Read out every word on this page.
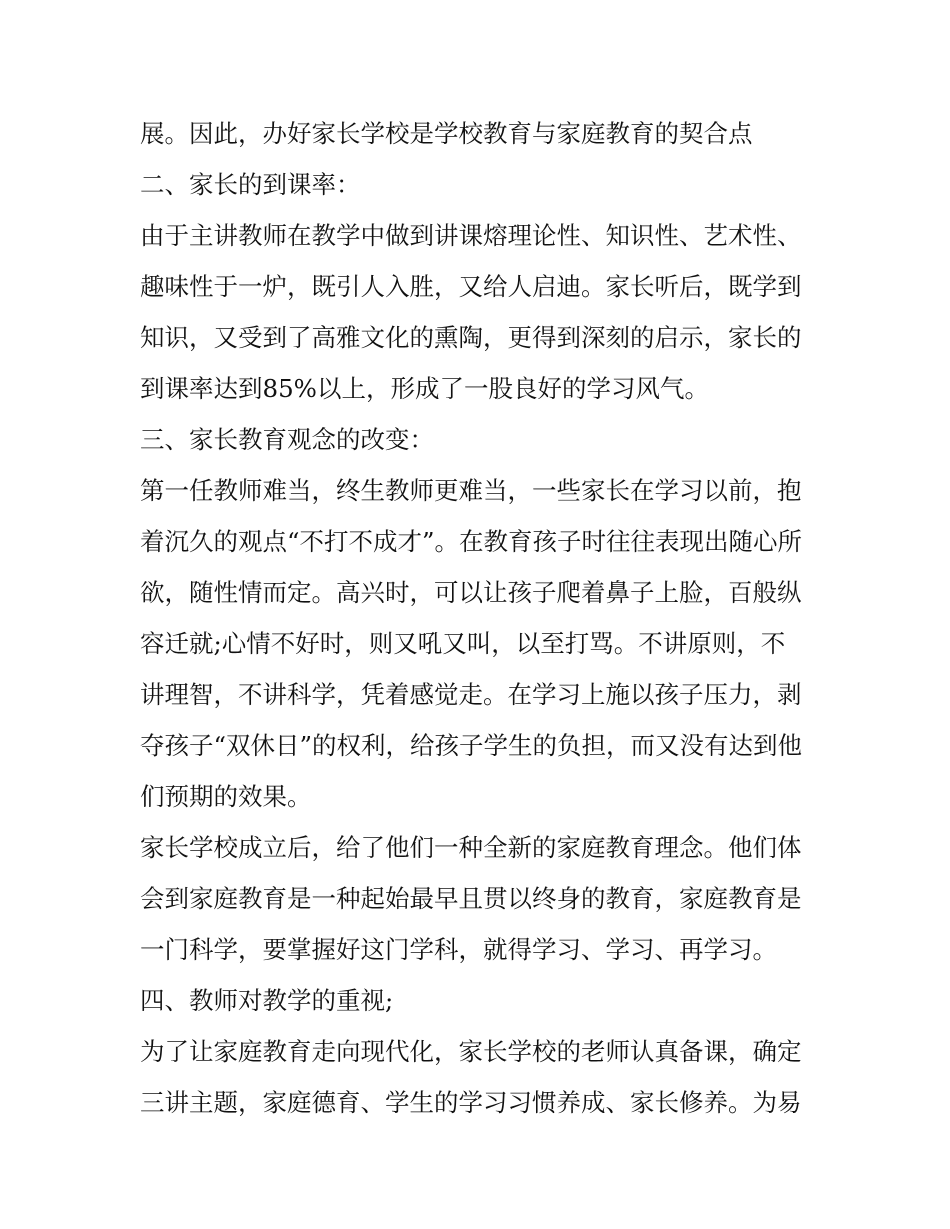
展。因此，办好家长学校是学校教育与家庭教育的契合点
二、家长的到课率：
由于主讲教师在教学中做到讲课熔理论性、知识性、艺术性、
趣味性于一炉，既引人入胜，又给人启迪。家长听后，既学到
知识，又受到了高雅文化的熏陶，更得到深刻的启示，家长的
到课率达到85%以上，形成了一股良好的学习风气。
三、家长教育观念的改变：
第一任教师难当，终生教师更难当，一些家长在学习以前，抱
着沉久的观点“不打不成才”。在教育孩子时往往表现出随心所
欲，随性情而定。高兴时，可以让孩子爬着鼻子上脸，百般纵
容迁就;心情不好时，则又吼又叫，以至打骂。不讲原则，不
讲理智，不讲科学，凭着感觉走。在学习上施以孩子压力，剥
夺孩子“双休日”的权利，给孩子学生的负担，而又没有达到他
们预期的效果。
家长学校成立后，给了他们一种全新的家庭教育理念。他们体
会到家庭教育是一种起始最早且贯以终身的教育，家庭教育是
一门科学，要掌握好这门学科，就得学习、学习、再学习。
四、教师对教学的重视;
为了让家庭教育走向现代化，家长学校的老师认真备课，确定
三讲主题，家庭德育、学生的学习习惯养成、家长修养。为易
